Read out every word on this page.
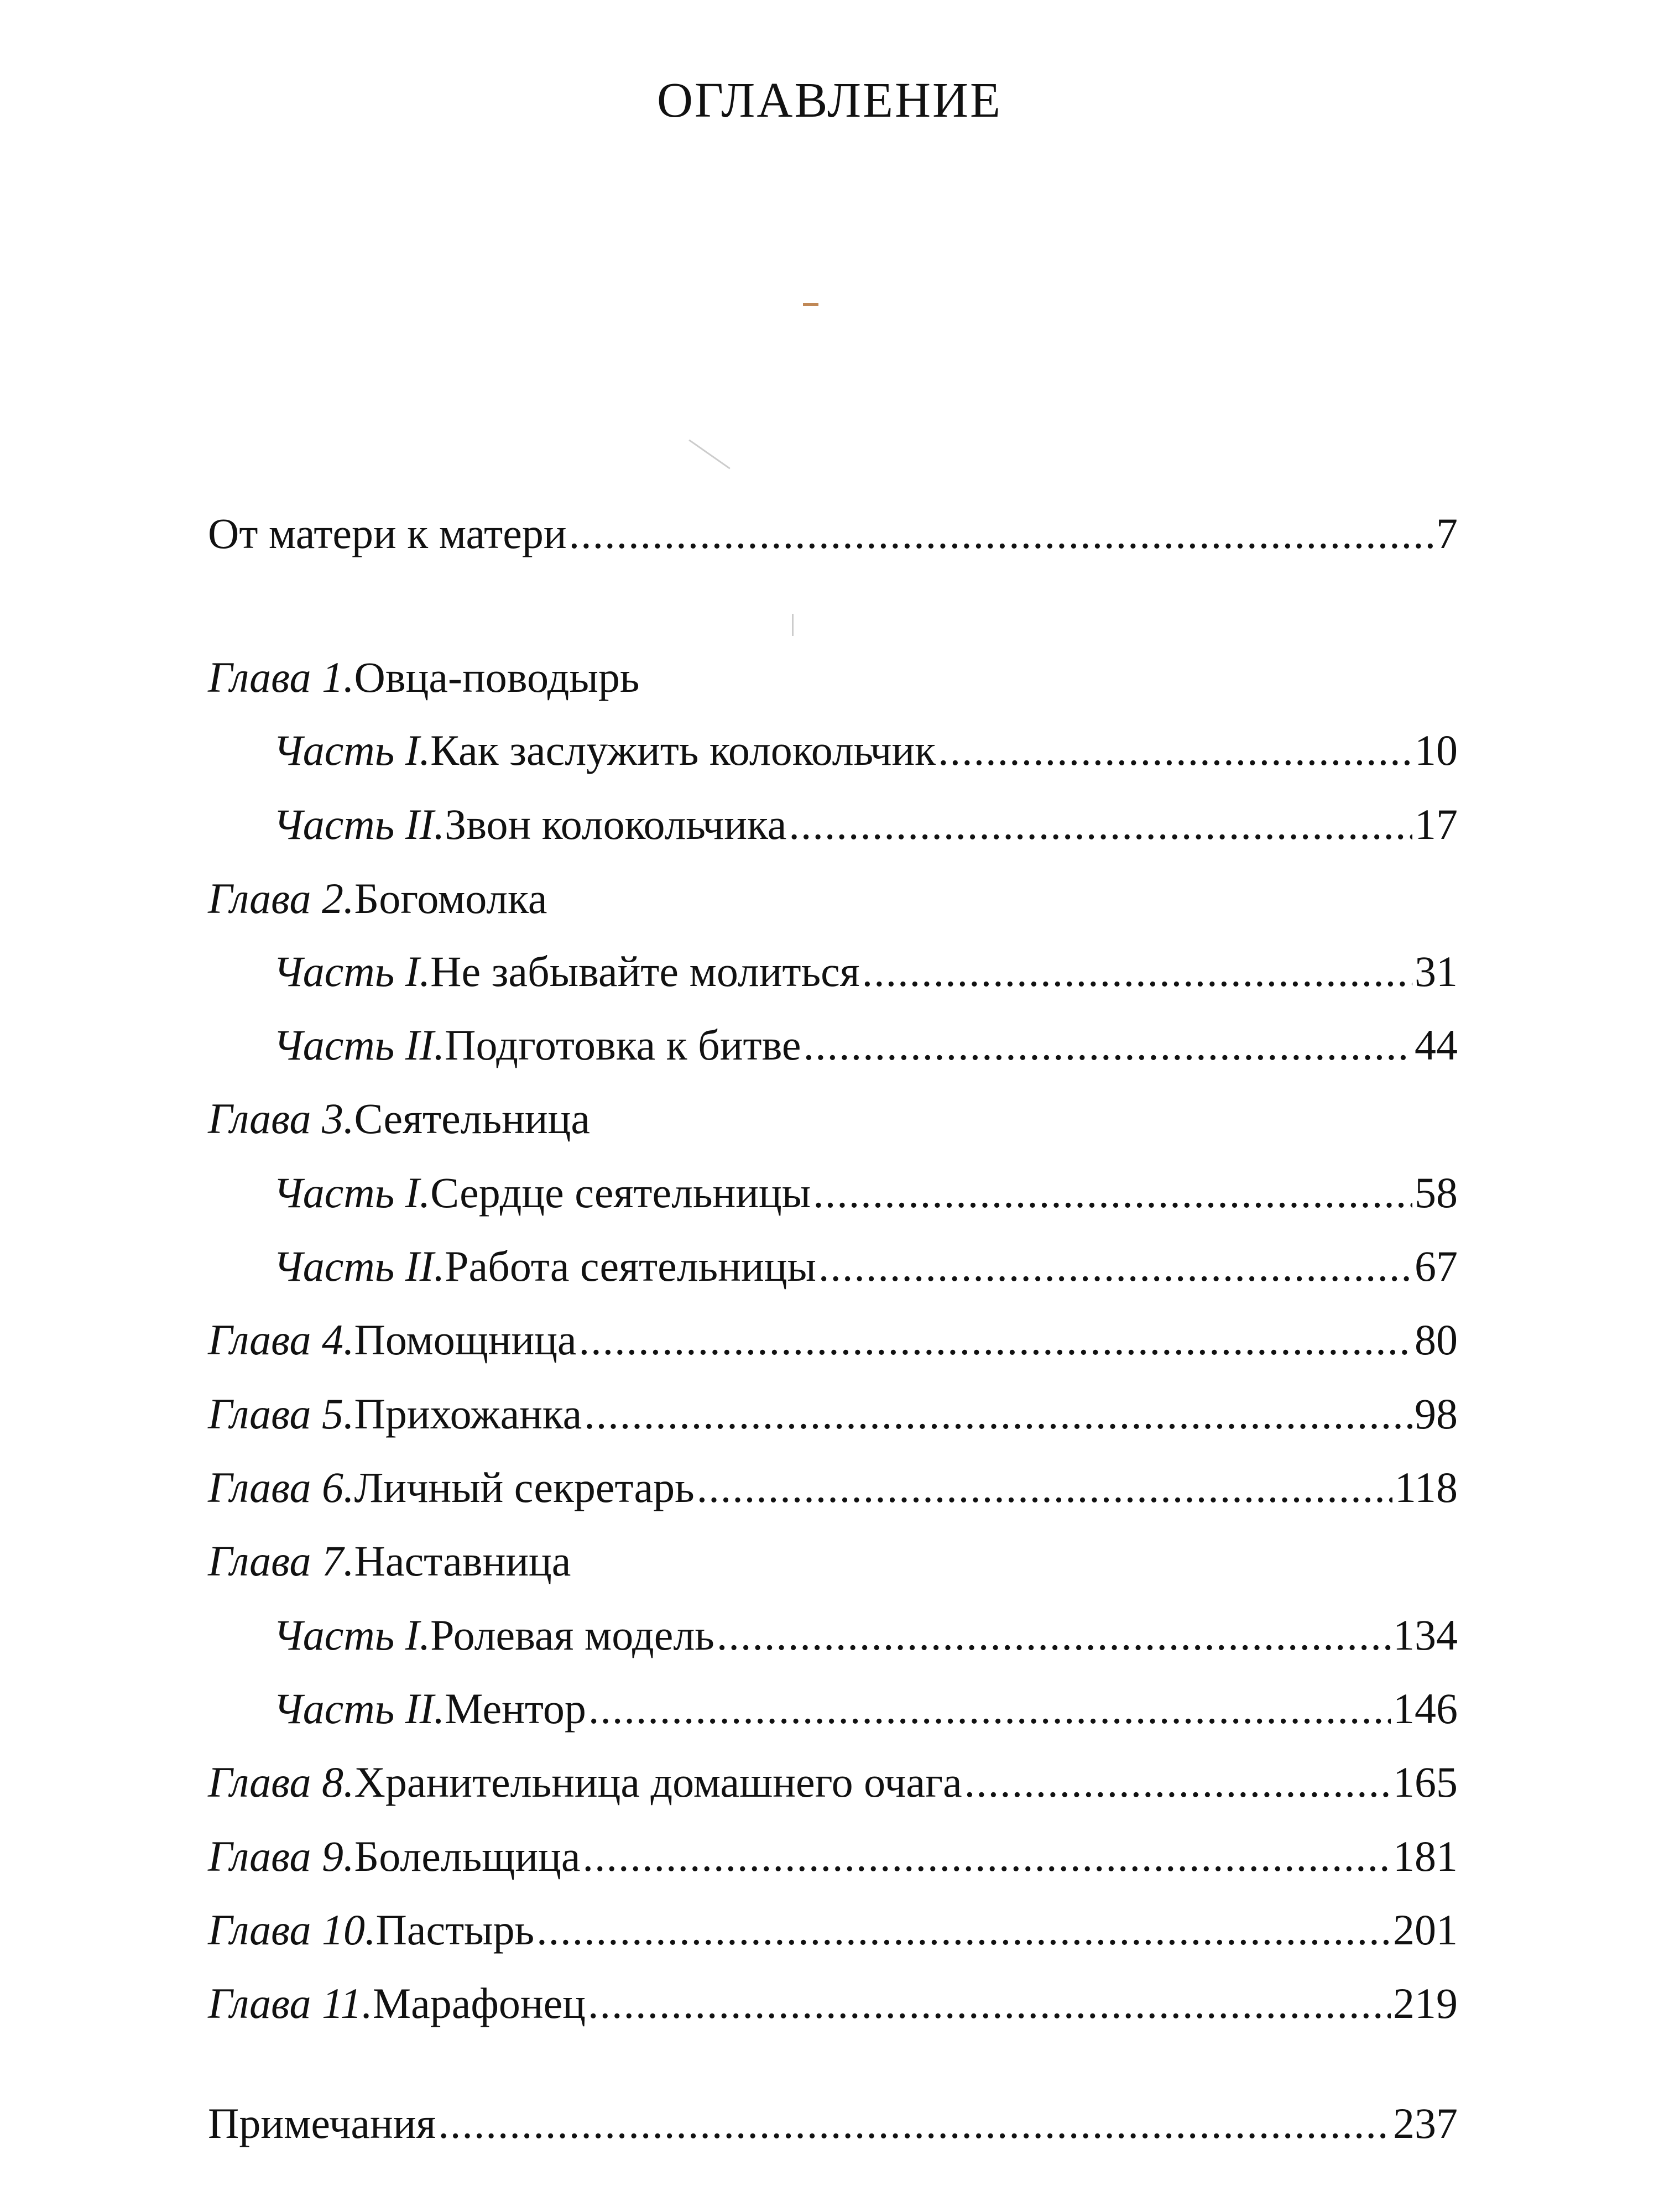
ОГЛАВЛЕНИЕ
От матери к матери .....	7
Глава 1. Овца-поводырь
Часть I. Как заслужить колокольчик .....	10
Часть II. Звон колокольчика .....	17
Глава 2. Богомолка
Часть I. Не забывайте молиться .....	31
Часть II. Подготовка к битве .....	44
Глава 3. Сеятельница
Часть I. Сердце сеятельницы .....	58
Часть II. Работа сеятельницы .....	67
Глава 4. Помощница .....	80
Глава 5. Прихожанка .....	98
Глава 6. Личный секретарь .....	118
Глава 7. Наставница
Часть I. Ролевая модель .....	134
Часть II. Ментор .....	146
Глава 8. Хранительница домашнего очага .....	165
Глава 9. Болельщица .....	181
Глава 10. Пастырь .....	201
Глава 11. Марафонец .....	219
Примечания .....	237
